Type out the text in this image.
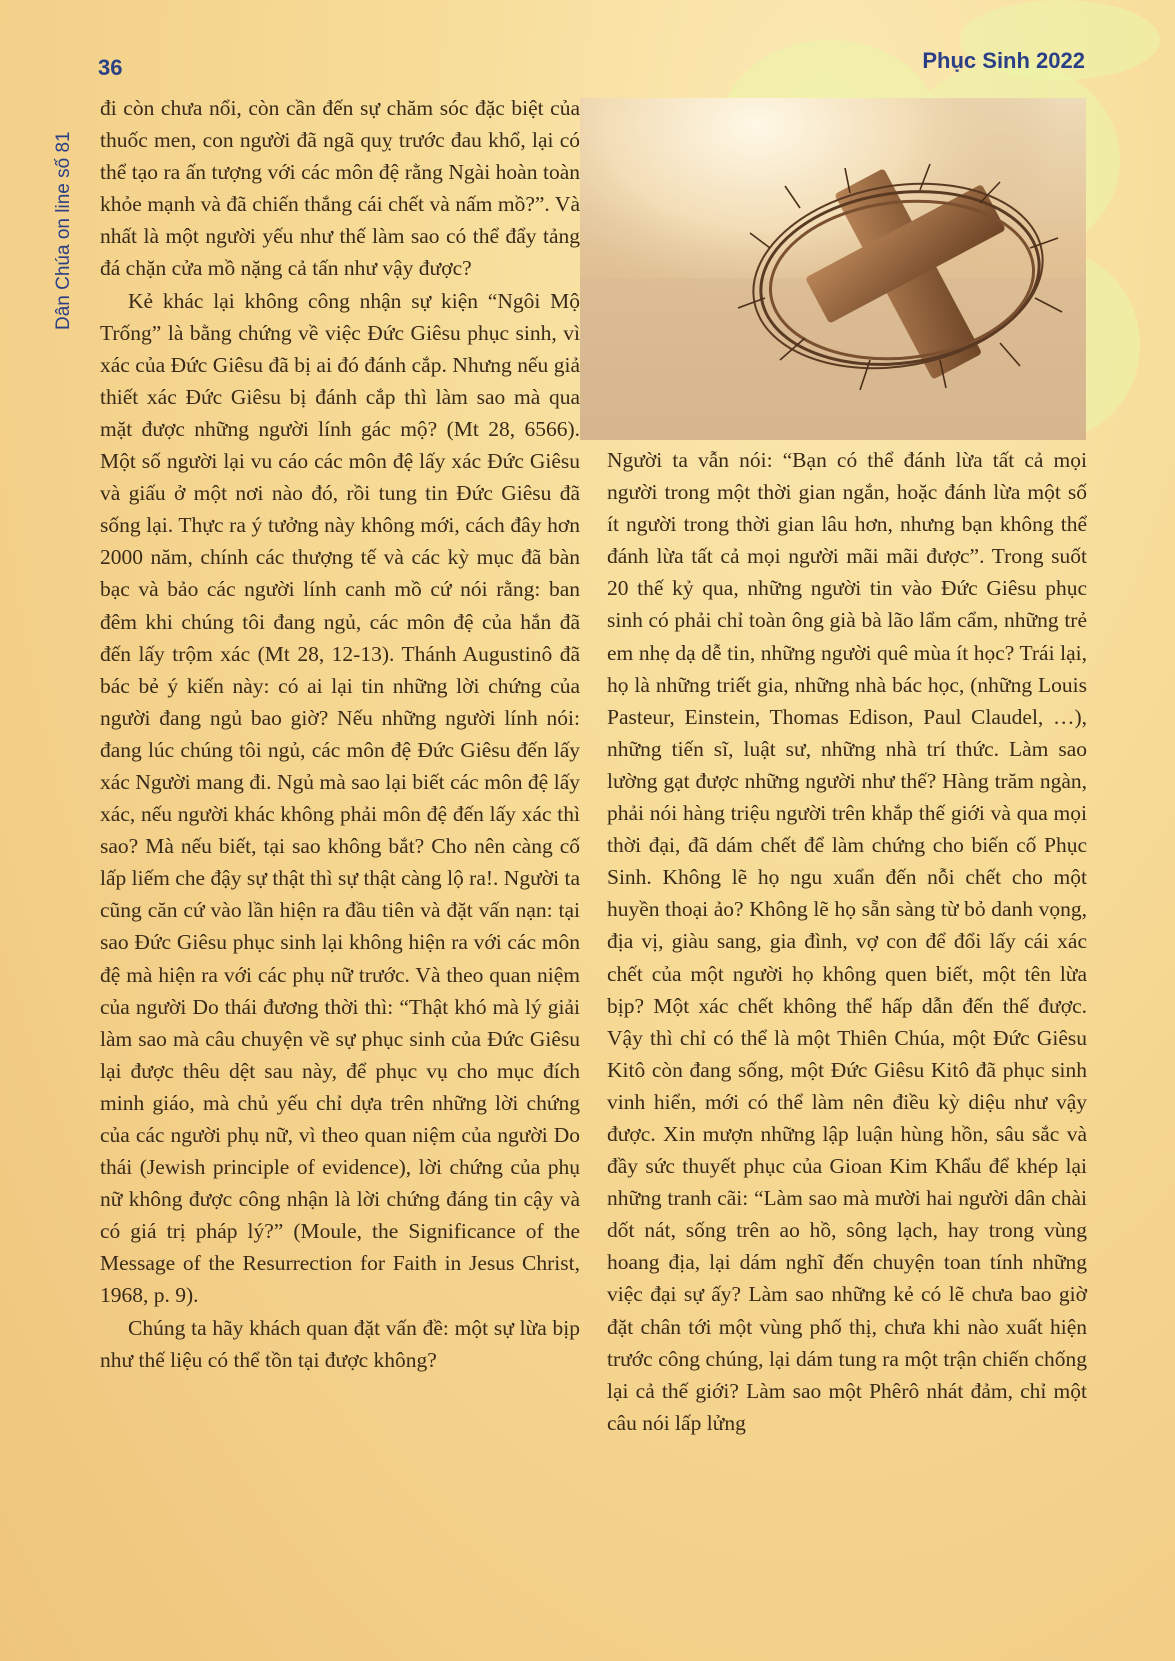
36	Phục Sinh 2022
Dân Chúa on line số 81

đi còn chưa nổi, còn cần đến sự chăm sóc đặc biệt của thuốc men, con người đã ngã quỵ trước đau khổ, lại có thể tạo ra ấn tượng với các môn đệ rằng Ngài hoàn toàn khỏe mạnh và đã chiến thắng cái chết và nấm mồ?”. Và nhất là một người yếu như thế làm sao có thể đẩy tảng đá chặn cửa mồ nặng cả tấn như vậy được?

Kẻ khác lại không công nhận sự kiện “Ngôi Mộ Trống” là bằng chứng về việc Đức Giêsu phục sinh, vì xác của Đức Giêsu đã bị ai đó đánh cắp. Nhưng nếu giả thiết xác Đức Giêsu bị đánh cắp thì làm sao mà qua mặt được những người lính gác mộ? (Mt 28, 6566). Một số người lại vu cáo các môn đệ lấy xác Đức Giêsu và giấu ở một nơi nào đó, rồi tung tin Đức Giêsu đã sống lại. Thực ra ý tưởng này không mới, cách đây hơn 2000 năm, chính các thượng tế và các kỳ mục đã bàn bạc và bảo các người lính canh mồ cứ nói rằng: ban đêm khi chúng tôi đang ngủ, các môn đệ của hắn đã đến lấy trộm xác (Mt 28, 12-13). Thánh Augustinô đã bác bẻ ý kiến này: có ai lại tin những lời chứng của người đang ngủ bao giờ? Nếu những người lính nói: đang lúc chúng tôi ngủ, các môn đệ Đức Giêsu đến lấy xác Người mang đi. Ngủ mà sao lại biết các môn đệ lấy xác, nếu người khác không phải môn đệ đến lấy xác thì sao? Mà nếu biết, tại sao không bắt? Cho nên càng cố lấp liếm che đậy sự thật thì sự thật càng lộ ra!. Người ta cũng căn cứ vào lần hiện ra đầu tiên và đặt vấn nạn: tại sao Đức Giêsu phục sinh lại không hiện ra với các môn đệ mà hiện ra với các phụ nữ trước. Và theo quan niệm của người Do thái đương thời thì: “Thật khó mà lý giải làm sao mà câu chuyện về sự phục sinh của Đức Giêsu lại được thêu dệt sau này, để phục vụ cho mục đích minh giáo, mà chủ yếu chỉ dựa trên những lời chứng của các người phụ nữ, vì theo quan niệm của người Do thái (Jewish principle of evidence), lời chứng của phụ nữ không được công nhận là lời chứng đáng tin cậy và có giá trị pháp lý?” (Moule, the Significance of the Message of the Resurrection for Faith in Jesus Christ, 1968, p. 9).

Chúng ta hãy khách quan đặt vấn đề: một sự lừa bịp như thế liệu có thể tồn tại được không?

Người ta vẫn nói: “Bạn có thể đánh lừa tất cả mọi người trong một thời gian ngắn, hoặc đánh lừa một số ít người trong thời gian lâu hơn, nhưng bạn không thể đánh lừa tất cả mọi người mãi mãi được”. Trong suốt 20 thế kỷ qua, những người tin vào Đức Giêsu phục sinh có phải chỉ toàn ông già bà lão lẩm cẩm, những trẻ em nhẹ dạ dễ tin, những người quê mùa ít học? Trái lại, họ là những triết gia, những nhà bác học, (những Louis Pasteur, Einstein, Thomas Edison, Paul Claudel, …), những tiến sĩ, luật sư, những nhà trí thức. Làm sao lường gạt được những người như thế? Hàng trăm ngàn, phải nói hàng triệu người trên khắp thế giới và qua mọi thời đại, đã dám chết để làm chứng cho biến cố Phục Sinh. Không lẽ họ ngu xuẩn đến nỗi chết cho một huyền thoại ảo? Không lẽ họ sẵn sàng từ bỏ danh vọng, địa vị, giàu sang, gia đình, vợ con để đổi lấy cái xác chết của một người họ không quen biết, một tên lừa bịp? Một xác chết không thể hấp dẫn đến thế được. Vậy thì chỉ có thể là một Thiên Chúa, một Đức Giêsu Kitô còn đang sống, một Đức Giêsu Kitô đã phục sinh vinh hiển, mới có thể làm nên điều kỳ diệu như vậy được. Xin mượn những lập luận hùng hồn, sâu sắc và đầy sức thuyết phục của Gioan Kim Khẩu để khép lại những tranh cãi: “Làm sao mà mười hai người dân chài dốt nát, sống trên ao hồ, sông lạch, hay trong vùng hoang địa, lại dám nghĩ đến chuyện toan tính những việc đại sự ấy? Làm sao những kẻ có lẽ chưa bao giờ đặt chân tới một vùng phố thị, chưa khi nào xuất hiện trước công chúng, lại dám tung ra một trận chiến chống lại cả thế giới? Làm sao một Phêrô nhát đảm, chỉ một câu nói lấp lửng
